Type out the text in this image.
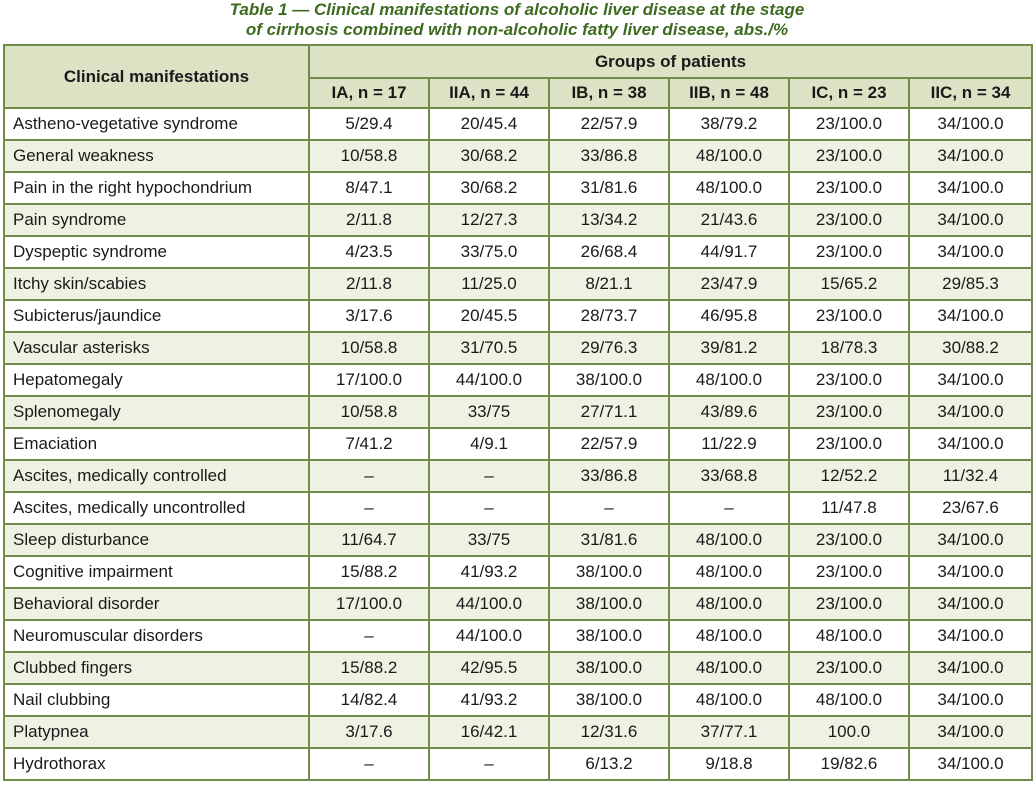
Table 1 — Clinical manifestations of alcoholic liver disease at the stage
of cirrhosis combined with non-alcoholic fatty liver disease, abs./%
Clinical manifestations	Groups of patients					
	IA, n = 17	IIA, n = 44	IB, n = 38	IIB, n = 48	IC, n = 23	IIC, n = 34
Astheno-vegetative syndrome	5/29.4	20/45.4	22/57.9	38/79.2	23/100.0	34/100.0
General weakness	10/58.8	30/68.2	33/86.8	48/100.0	23/100.0	34/100.0
Pain in the right hypochondrium	8/47.1	30/68.2	31/81.6	48/100.0	23/100.0	34/100.0
Pain syndrome	2/11.8	12/27.3	13/34.2	21/43.6	23/100.0	34/100.0
Dyspeptic syndrome	4/23.5	33/75.0	26/68.4	44/91.7	23/100.0	34/100.0
Itchy skin/scabies	2/11.8	11/25.0	8/21.1	23/47.9	15/65.2	29/85.3
Subicterus/jaundice	3/17.6	20/45.5	28/73.7	46/95.8	23/100.0	34/100.0
Vascular asterisks	10/58.8	31/70.5	29/76.3	39/81.2	18/78.3	30/88.2
Hepatomegaly	17/100.0	44/100.0	38/100.0	48/100.0	23/100.0	34/100.0
Splenomegaly	10/58.8	33/75	27/71.1	43/89.6	23/100.0	34/100.0
Emaciation	7/41.2	4/9.1	22/57.9	11/22.9	23/100.0	34/100.0
Ascites, medically controlled	–	–	33/86.8	33/68.8	12/52.2	11/32.4
Ascites, medically uncontrolled	–	–	–	–	11/47.8	23/67.6
Sleep disturbance	11/64.7	33/75	31/81.6	48/100.0	23/100.0	34/100.0
Cognitive impairment	15/88.2	41/93.2	38/100.0	48/100.0	23/100.0	34/100.0
Behavioral disorder	17/100.0	44/100.0	38/100.0	48/100.0	23/100.0	34/100.0
Neuromuscular disorders	–	44/100.0	38/100.0	48/100.0	48/100.0	34/100.0
Clubbed fingers	15/88.2	42/95.5	38/100.0	48/100.0	23/100.0	34/100.0
Nail clubbing	14/82.4	41/93.2	38/100.0	48/100.0	48/100.0	34/100.0
Platypnea	3/17.6	16/42.1	12/31.6	37/77.1	100.0	34/100.0
Hydrothorax	–	–	6/13.2	9/18.8	19/82.6	34/100.0
